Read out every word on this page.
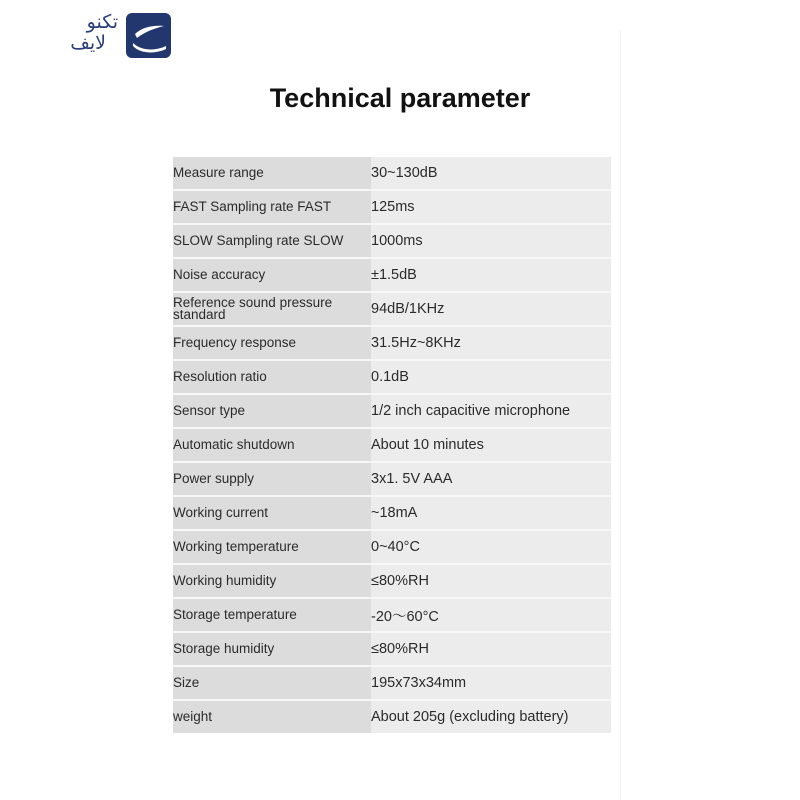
تکنو
لایف
Technical parameter
Measure range	30~130dB
FAST Sampling rate FAST	125ms
SLOW Sampling rate SLOW	1000ms
Noise accuracy	±1.5dB
Reference sound pressure standard	94dB/1KHz
Frequency response	31.5Hz~8KHz
Resolution ratio	0.1dB
Sensor type	1/2 inch capacitive microphone
Automatic shutdown	About 10 minutes
Power supply	3x1. 5V AAA
Working current	~18mA
Working temperature	0~40°C
Working humidity	≤80%RH
Storage temperature	-20〜60°C
Storage humidity	≤80%RH
Size	195x73x34mm
weight	About 205g (excluding battery)
